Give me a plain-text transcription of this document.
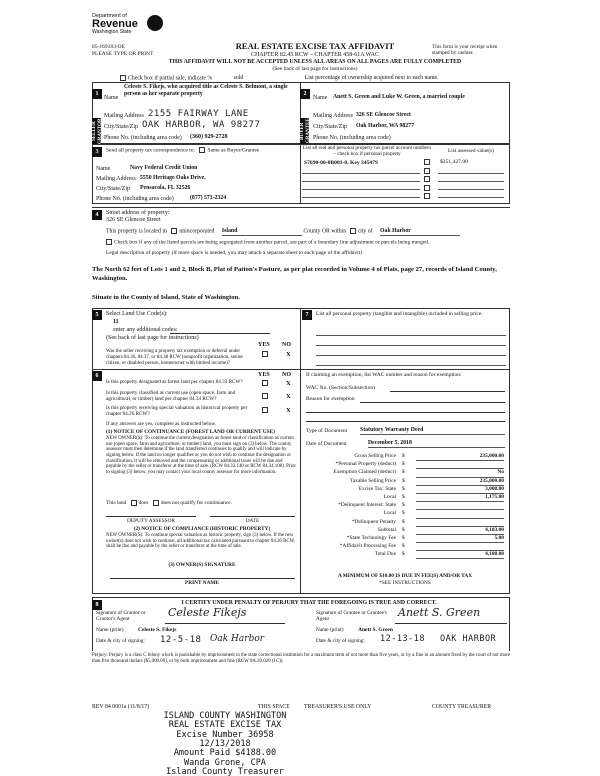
Department of
Revenue
Washington State
85-169183-OE
PLEASE TYPE OR PRINT
REAL ESTATE EXCISE TAX AFFIDAVIT
CHAPTER 82.45 RCW – CHAPTER 458-61A WAC
THIS AFFIDAVIT WILL NOT BE ACCEPTED UNLESS ALL AREAS ON ALL PAGES ARE FULLY COMPLETED
(See back of last page for instructions)
This form is your receipt when stamped by cashier.
Check box if partial sale, indicate %	sold	List percentage of ownership acquired next to each name.
SELLER GRANTOR
1
Name
Celeste S. Fikejs, who acquired title as Celeste S. Belmont, a single person as her separate property
Mailing Address 2155 FAIRWAY LANE
City/State/Zip OAK HARBOR, WA 98277
Phone No. (including area code) (360) 929-2728	BUYER GRANTEE
2
Name Anett S. Green and Luke W. Green, a married couple
Mailing Address 326 SE Glencoe Street
City/State/Zip Oak Harbor, WA 98277
Phone No. (including area code)
3	Send all property tax correspondence to: Same as Buyer/Grantee
Name	Navy Federal Credit Union
Mailing Address 5550 Heritage Oaks Drive,
City/State/Zip Pensacola, FL 32526
Phone No. (including area code)	(877) 573-2324
List all real and personal property tax parcel account numbers – check box if personal property	List assessed value(s)
S7690-00-0B001-0, Key 345479	$251,427.00
4	Street address of property:
326 SE Glencoe Street
This property is located in unincorporated Island	County OR within city of Oak Harbor
Check box if any of the listed parcels are being segregated from another parcel, are part of a boundary line adjustment or parcels being merged.
Legal description of property (if more space is needed, you may attach a separate sheet to each page of the affidavit)
The North 62 feet of Lots 1 and 2, Block B, Plat of Patton's Pasture, as per plat recorded in Volume 4 of Plats, page 27, records of Island County, Washington.
Situate in the County of Island, State of Washington.
5	Select Land Use Code(s):
11
enter any additional codes:
(See back of last page for instructions)
YES NO
Was the seller receiving a property tax exemption or deferral under chapters 84.36, 84.37, or 84.38 RCW (nonprofit organization, senior citizen, or disabled person, homeowner with limited income)?
X
6	YES NO
Is this property designated as forest land per chapter 84.33 RCW?	X
Is this property classified as current use (open space, farm and agricultural, or timber) land per chapter 84.34 RCW?	X
Is this property receiving special valuation as historical property per chapter 84.26 RCW?	X
If any answers are yes, complete as instructed below.
(1) NOTICE OF CONTINUANCE (FOREST LAND OR CURRENT USE)
NEW OWNER(S): To continue the current designation as forest land or classification as current use (open space, farm and agriculture, or timber) land, you must sign on (3) below. The county assessor must then determine if the land transferred continues to qualify and will indicate by signing below. If the land no longer qualifies or you do not wish to continue the designation or classification, it will be removed and the compensating or additional taxes will be due and payable by the seller or transferor at the time of sale. (RCW 84.33.140 or RCW 84.34.108). Prior to signing (3) below, you may contact your local county assessor for more information.
This land does does not qualify for continuance.
DEPUTY ASSESSOR	DATE
(2) NOTICE OF COMPLIANCE (HISTORIC PROPERTY)
NEW OWNER(S): To continue special valuation as historic property, sign (3) below. If the new owner(s) does not wish to continue, all additional tax calculated pursuant to chapter 84.26 RCW, shall be due and payable by the seller or transferor at the time of sale.
(3) OWNER(S) SIGNATURE
PRINT NAME
7	List all personal property (tangible and intangible) included in selling price.
If claiming an exemption, list WAC number and reason for exemption:
WAC No. (Section/Subsection)
Reason for exemption
Type of Document Statutory Warranty Deed
Date of Document	December 5, 2018
Gross Selling Price $	235,000.00
*Personal Property (deduct) $
Exemption Claimed (deduct) $	No
Taxable Selling Price $	235,000.00
Excise Tax: State $	3,008.00
Local $	1,175.00
*Delinquent Interest: State $
Local $
*Delinquent Penalty $
Subtotal $	4,183.00
*State Technology Fee $	5.00
*Affidavit Processing Fee $
Total Due $	4,188.00
A MINIMUM OF $10.00 IS DUE IN FEE(S) AND/OR TAX
*SEE INSTRUCTIONS
8	I CERTIFY UNDER PENALTY OF PERJURY THAT THE FOREGOING IS TRUE AND CORRECT.
Signature of Grantor or Grantor's Agent
Celeste Fikejs
Name (print)	Celeste S. Fikejs
Date & city of signing: 12-5-18 Oak Harbor
Signature of Grantee or Grantee's Agent
Anett S. Green
Name (print)	Anett S. Green
Date & city of signing: 12-13-18 OAK HARBOR
Perjury: Perjury is a class C felony which is punishable by imprisonment in the state correctional institution for a maximum term of not more than five years, or by a fine in an amount fixed by the court of not more than five thousand dollars ($5,000.00), or by both imprisonment and fine (RCW 9A.20.020 (1C)).
REV 84 0001a (11/8/17)	THIS SPACE TREASURER'S USE ONLY	COUNTY TREASURER
ISLAND COUNTY WASHINGTON
REAL ESTATE EXCISE TAX
Excise Number 36958
12/13/2018
Amount Paid $4188.00
Wanda Grone, CPA
Island County Treasurer
